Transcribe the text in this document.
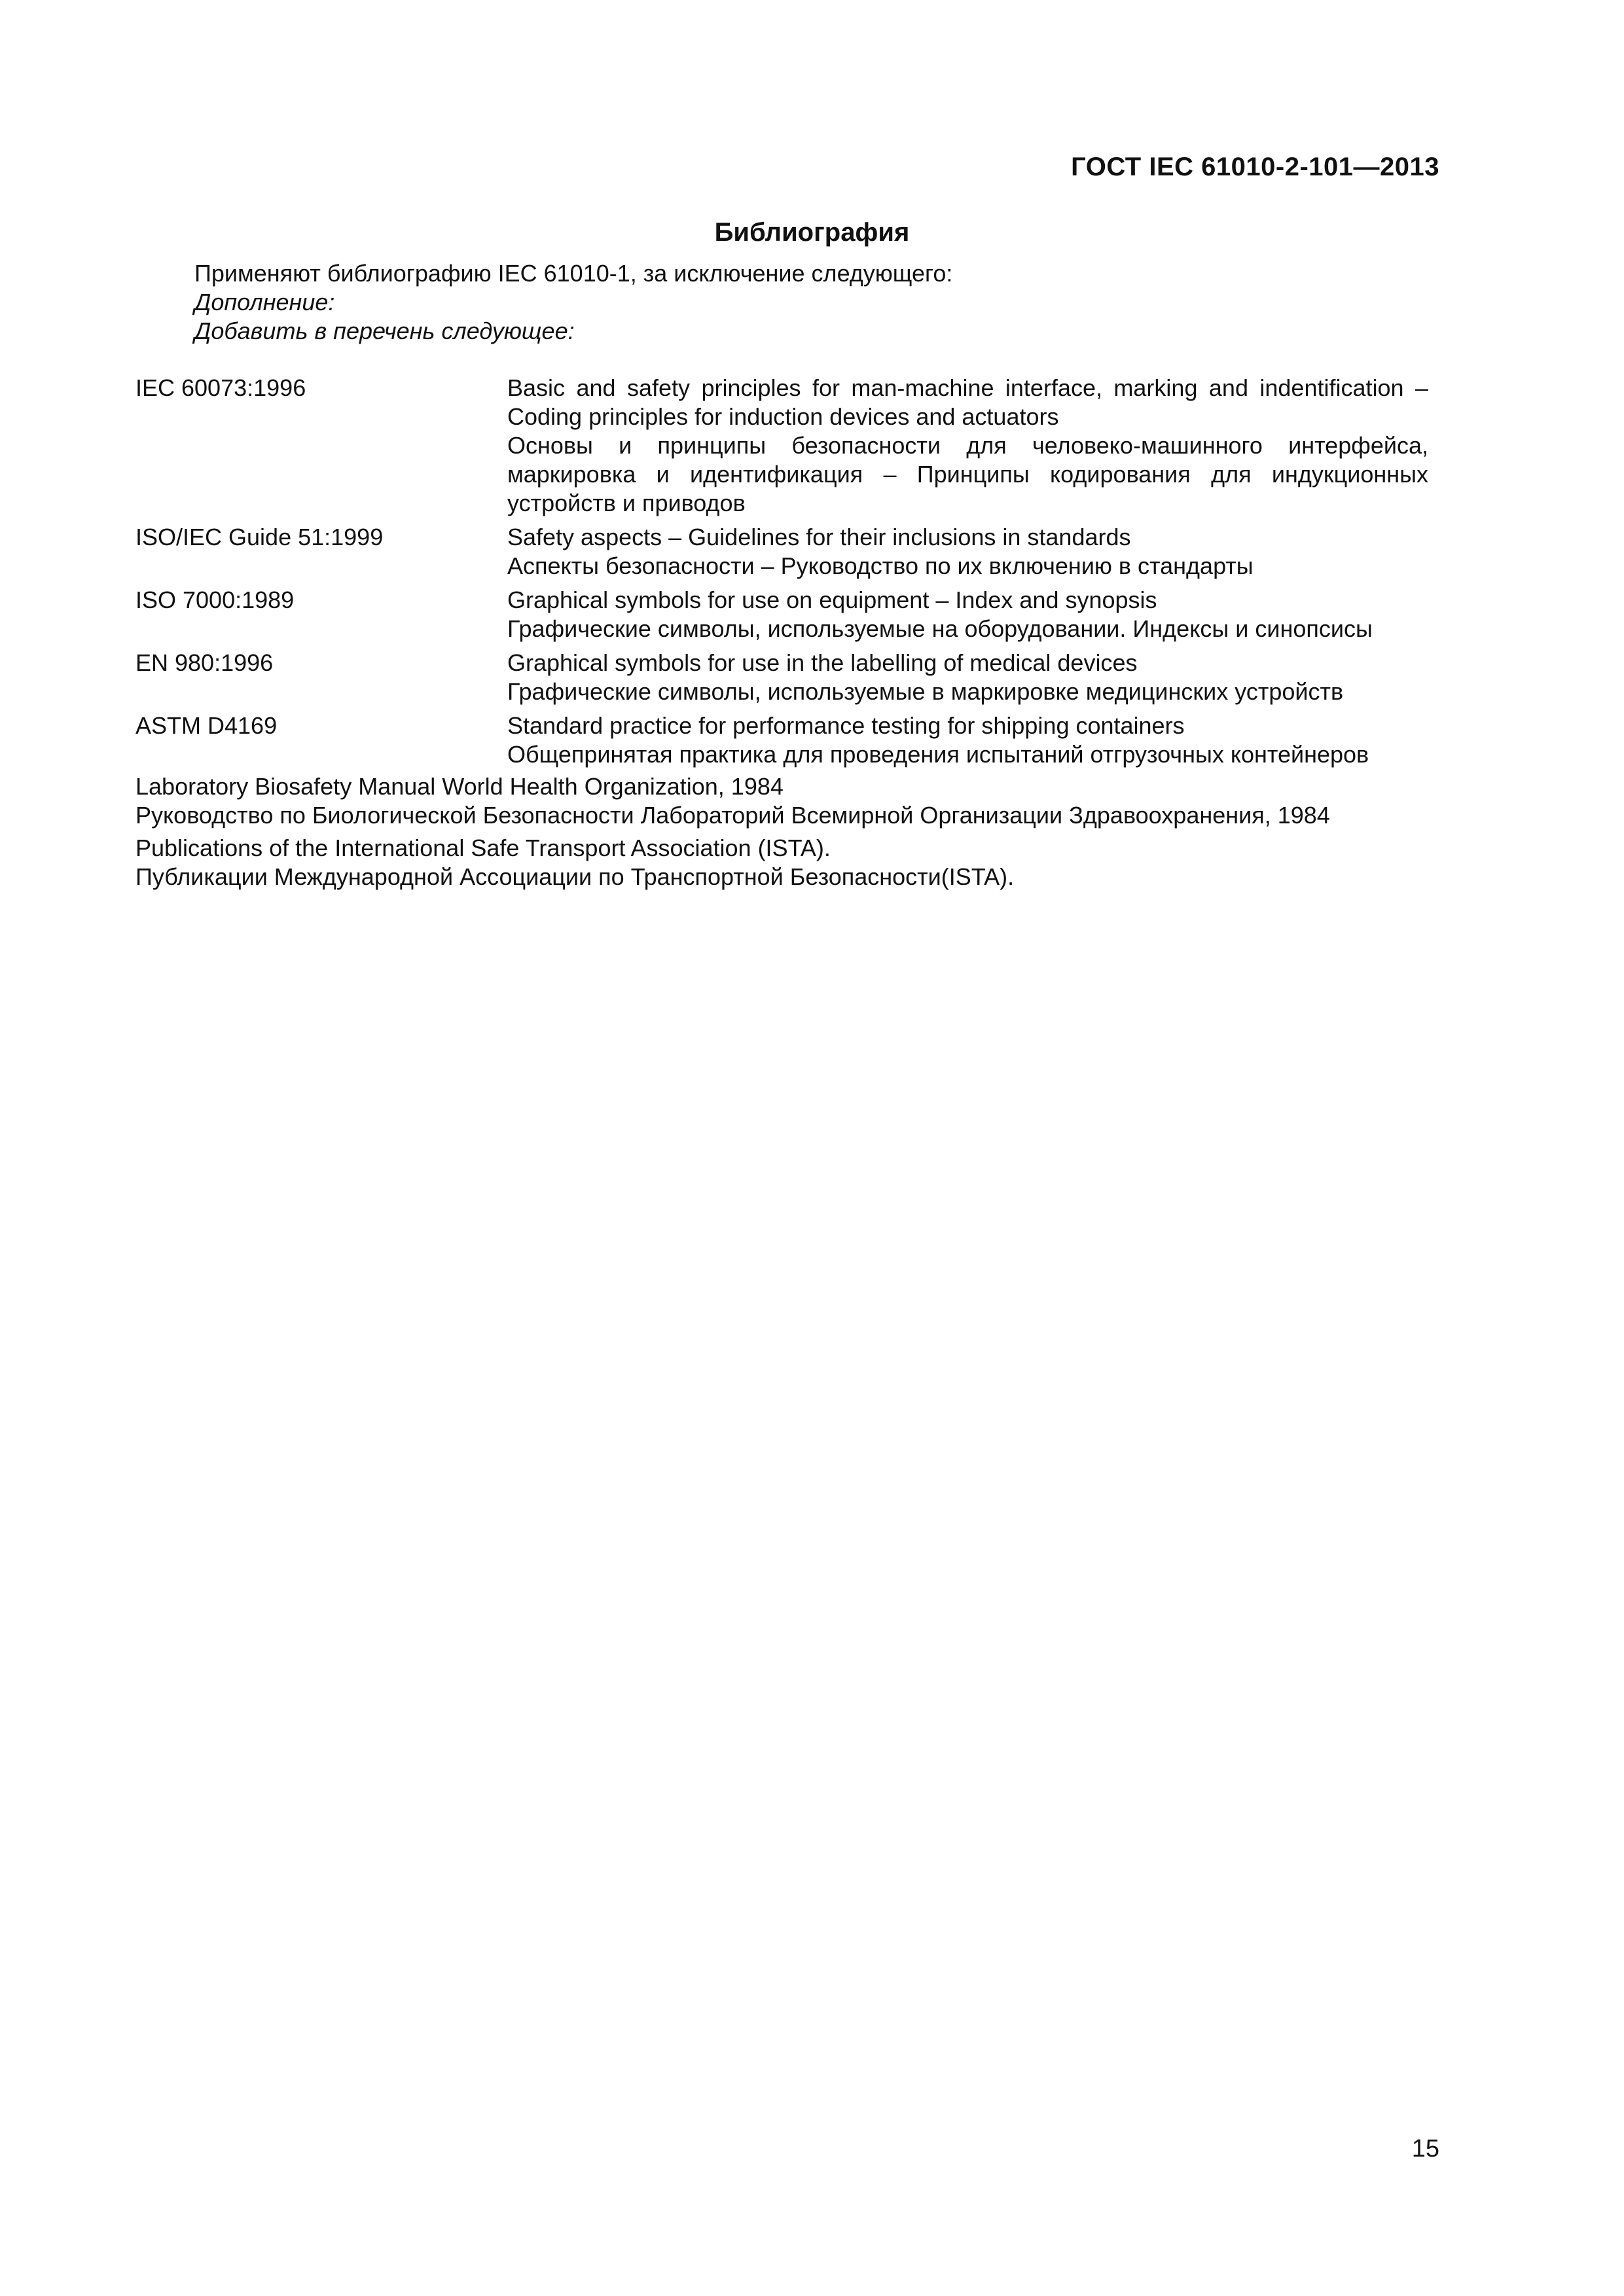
ГОСТ IEC 61010-2-101—2013
Библиография
Применяют библиографию IEC 61010-1, за исключение следующего:
Дополнение:
Добавить в перечень следующее:
IEC 60073:1996	Basic and safety principles for man-machine interface, marking and indentification – Coding principles for induction devices and actuators
Основы и принципы безопасности для человеко-машинного интерфейса, маркировка и идентификация – Принципы кодирования для индукционных устройств и приводов
ISO/IEC Guide 51:1999	Safety aspects – Guidelines for their inclusions in standards
Аспекты безопасности – Руководство по их включению в стандарты
ISO 7000:1989	Graphical symbols for use on equipment – Index and synopsis
Графические символы, используемые на оборудовании. Индексы и синопсисы
EN 980:1996	Graphical symbols for use in the labelling of medical devices
Графические символы, используемые в маркировке медицинских устройств
ASTM D4169	Standard practice for performance testing for shipping containers
Общепринятая практика для проведения испытаний отгрузочных контейнеров
Laboratory Biosafety Manual World Health Organization, 1984
Руководство по Биологической Безопасности Лабораторий Всемирной Организации Здравоохранения, 1984
Publications of the International Safe Transport Association (ISTA).
Публикации Международной Ассоциации по Транспортной Безопасности(ISTA).
15
